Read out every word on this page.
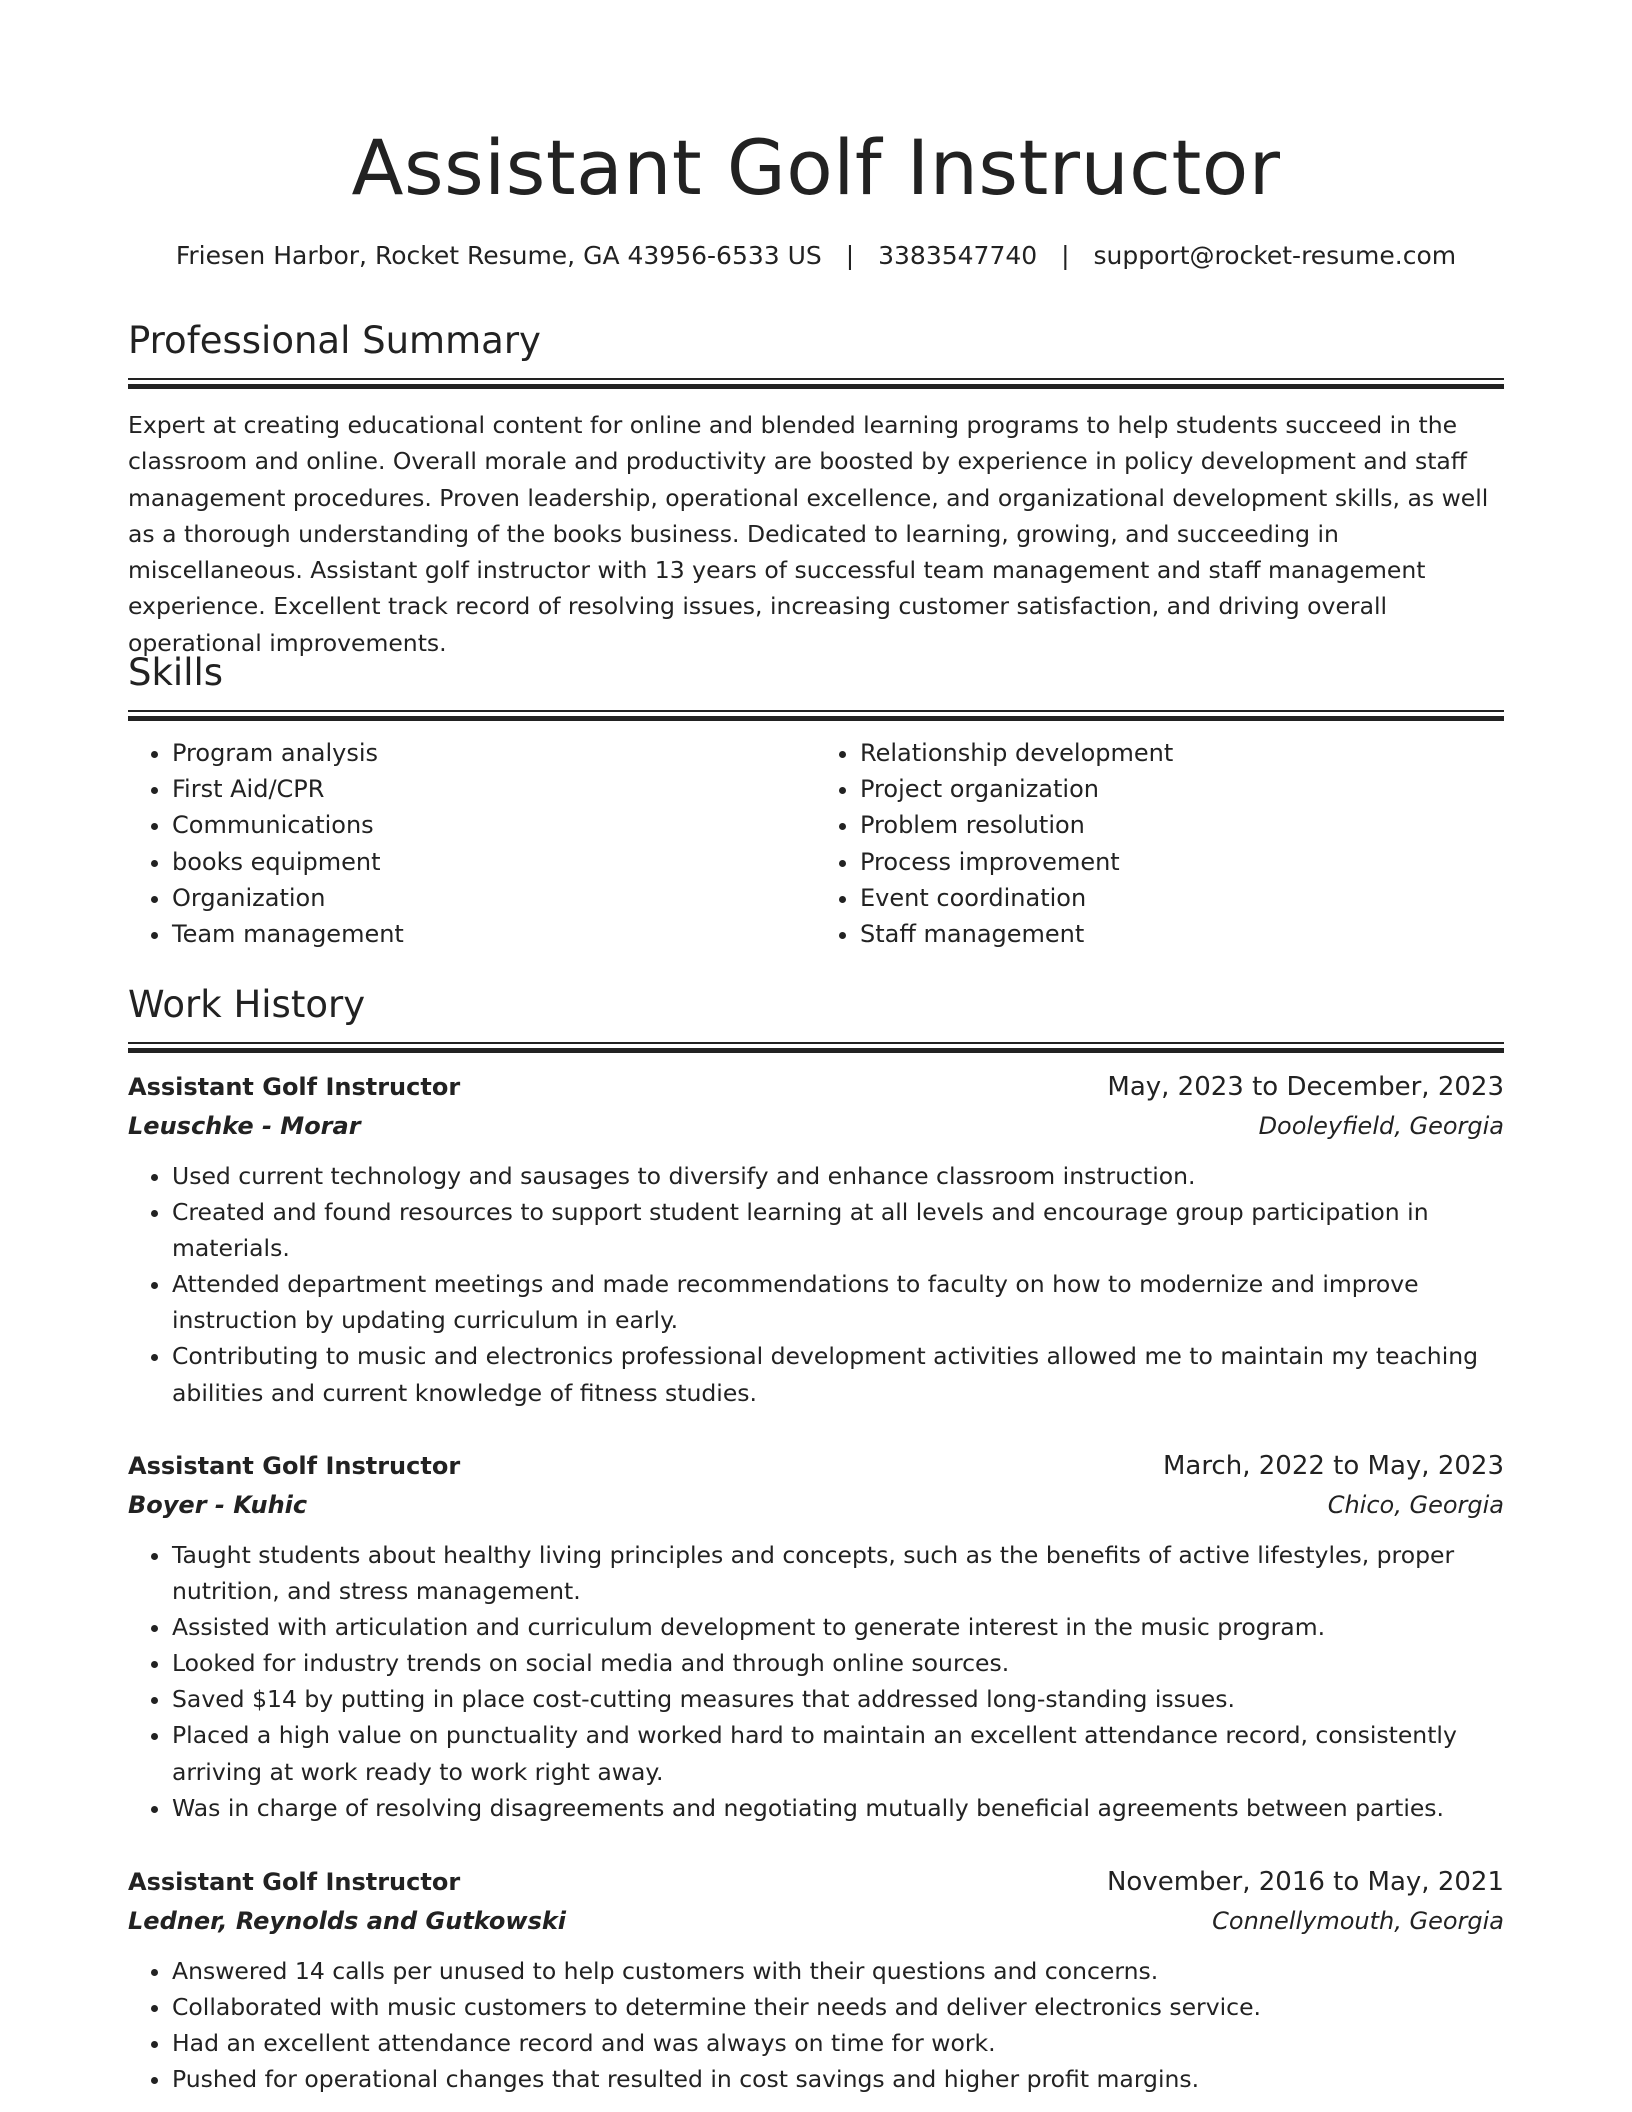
Assistant Golf Instructor
Friesen Harbor, Rocket Resume, GA 43956-6533 US | 3383547740 | support@rocket-resume.com
Professional Summary

Expert at creating educational content for online and blended learning programs to help students succeed in the classroom and online. Overall morale and productivity are boosted by experience in policy development and staff management procedures. Proven leadership, operational excellence, and organizational development skills, as well as a thorough understanding of the books business. Dedicated to learning, growing, and succeeding in miscellaneous. Assistant golf instructor with 13 years of successful team management and staff management experience. Excellent track record of resolving issues, increasing customer satisfaction, and driving overall operational improvements.

Skills
• Program analysis
• First Aid/CPR
• Communications
• books equipment
• Organization
• Team management
• Relationship development
• Project organization
• Problem resolution
• Process improvement
• Event coordination
• Staff management
Work History
Assistant Golf Instructor	May, 2023 to December, 2023
Leuschke - Morar	Dooleyfield, Georgia
• Used current technology and sausages to diversify and enhance classroom instruction.
• Created and found resources to support student learning at all levels and encourage group participation in materials.
• Attended department meetings and made recommendations to faculty on how to modernize and improve instruction by updating curriculum in early.
• Contributing to music and electronics professional development activities allowed me to maintain my teaching abilities and current knowledge of fitness studies.
Assistant Golf Instructor	March, 2022 to May, 2023
Boyer - Kuhic	Chico, Georgia
• Taught students about healthy living principles and concepts, such as the benefits of active lifestyles, proper nutrition, and stress management.
• Assisted with articulation and curriculum development to generate interest in the music program.
• Looked for industry trends on social media and through online sources.
• Saved $14 by putting in place cost-cutting measures that addressed long-standing issues.
• Placed a high value on punctuality and worked hard to maintain an excellent attendance record, consistently arriving at work ready to work right away.
• Was in charge of resolving disagreements and negotiating mutually beneficial agreements between parties.
Assistant Golf Instructor	November, 2016 to May, 2021
Ledner, Reynolds and Gutkowski	Connellymouth, Georgia
• Answered 14 calls per unused to help customers with their questions and concerns.
• Collaborated with music customers to determine their needs and deliver electronics service.
• Had an excellent attendance record and was always on time for work.
• Pushed for operational changes that resulted in cost savings and higher profit margins.
